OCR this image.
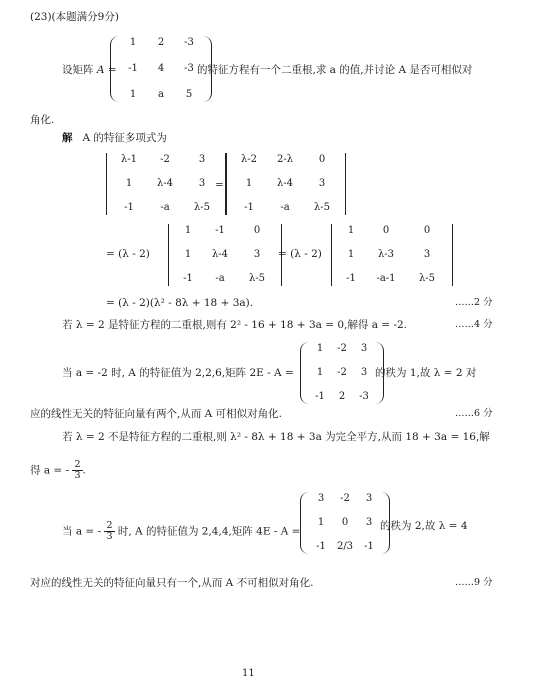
(23)(本题满分9分)
设矩阵 A =
1	2	-3
-1	4	-3
1	a	5
的特征方程有一个二重根,求 a 的值,并讨论 A 是否可相似对
角化.
解 A 的特征多项式为
λ-1	-2	3
1	λ-4	3
-1	-a	λ-5
=
λ-2	2-λ	0
1	λ-4	3
-1	-a	λ-5
= (λ - 2)
1	-1	0
1	λ-4	3
-1	-a	λ-5
= (λ - 2)
1	0	0
1	λ-3	3
-1	-a-1	λ-5
= (λ - 2)(λ² - 8λ + 18 + 3a).	……2 分
若 λ = 2 是特征方程的二重根,则有 2² - 16 + 18 + 3a = 0,解得 a = -2.	……4 分
当 a = -2 时, A 的特征值为 2,2,6,矩阵 2E - A =
1	-2	3
1	-2	3
-1	2	-3
的秩为 1,故 λ = 2 对
应的线性无关的特征向量有两个,从而 A 可相似对角化.	……6 分
若 λ = 2 不是特征方程的二重根,则 λ² - 8λ + 18 + 3a 为完全平方,从而 18 + 3a = 16,解
得 a = - $\frac{2}{3}$ .
当 a = - $\frac{2}{3}$ 时, A 的特征值为 2,4,4,矩阵 4E - A =
3	-2	3
1	0	3
-1	2/3	-1
的秩为 2,故 λ = 4
对应的线性无关的特征向量只有一个,从而 A 不可相似对角化.	……9 分
11
